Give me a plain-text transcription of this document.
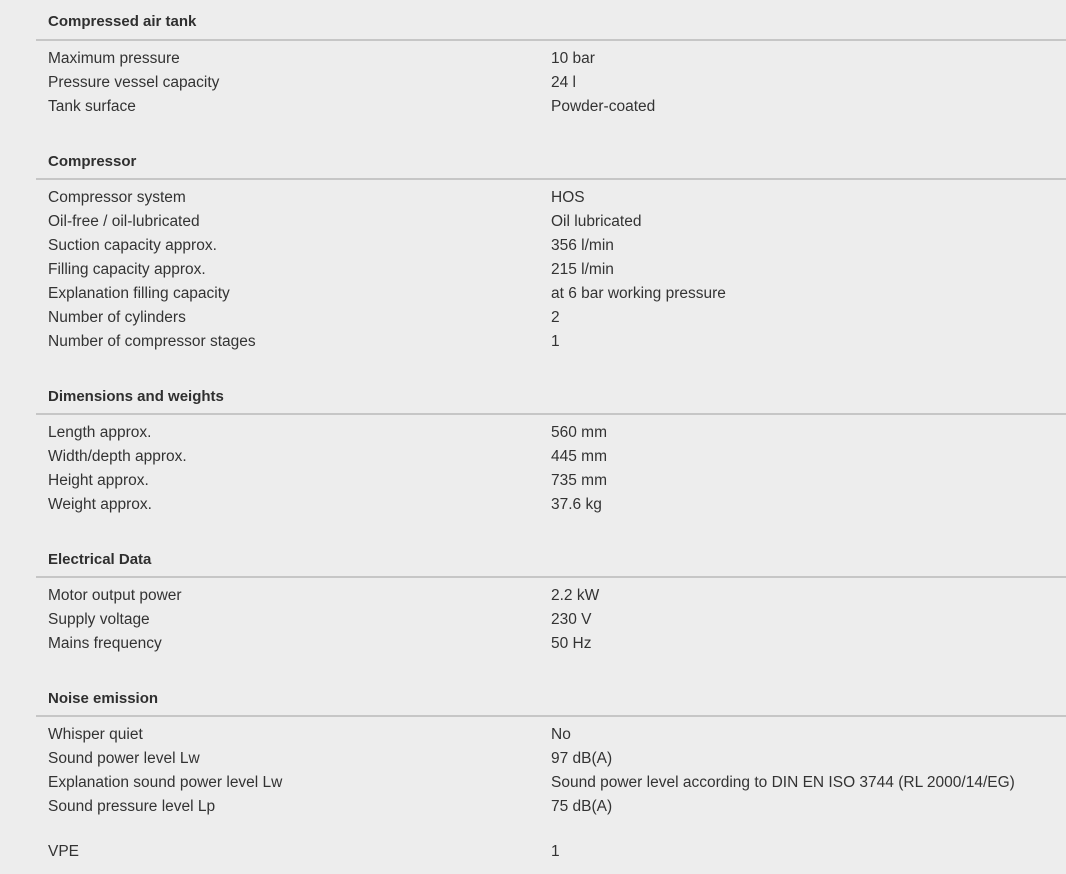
Compressed air tank
Maximum pressure	10 bar
Pressure vessel capacity	24 l
Tank surface	Powder-coated
Compressor
Compressor system	HOS
Oil-free / oil-lubricated	Oil lubricated
Suction capacity approx.	356 l/min
Filling capacity approx.	215 l/min
Explanation filling capacity	at 6 bar working pressure
Number of cylinders	2
Number of compressor stages	1
Dimensions and weights
Length approx.	560 mm
Width/depth approx.	445 mm
Height approx.	735 mm
Weight approx.	37.6 kg
Electrical Data
Motor output power	2.2 kW
Supply voltage	230 V
Mains frequency	50 Hz
Noise emission
Whisper quiet	No
Sound power level Lw	97 dB(A)
Explanation sound power level Lw	Sound power level according to DIN EN ISO 3744 (RL 2000/14/EG)
Sound pressure level Lp	75 dB(A)
VPE	1
